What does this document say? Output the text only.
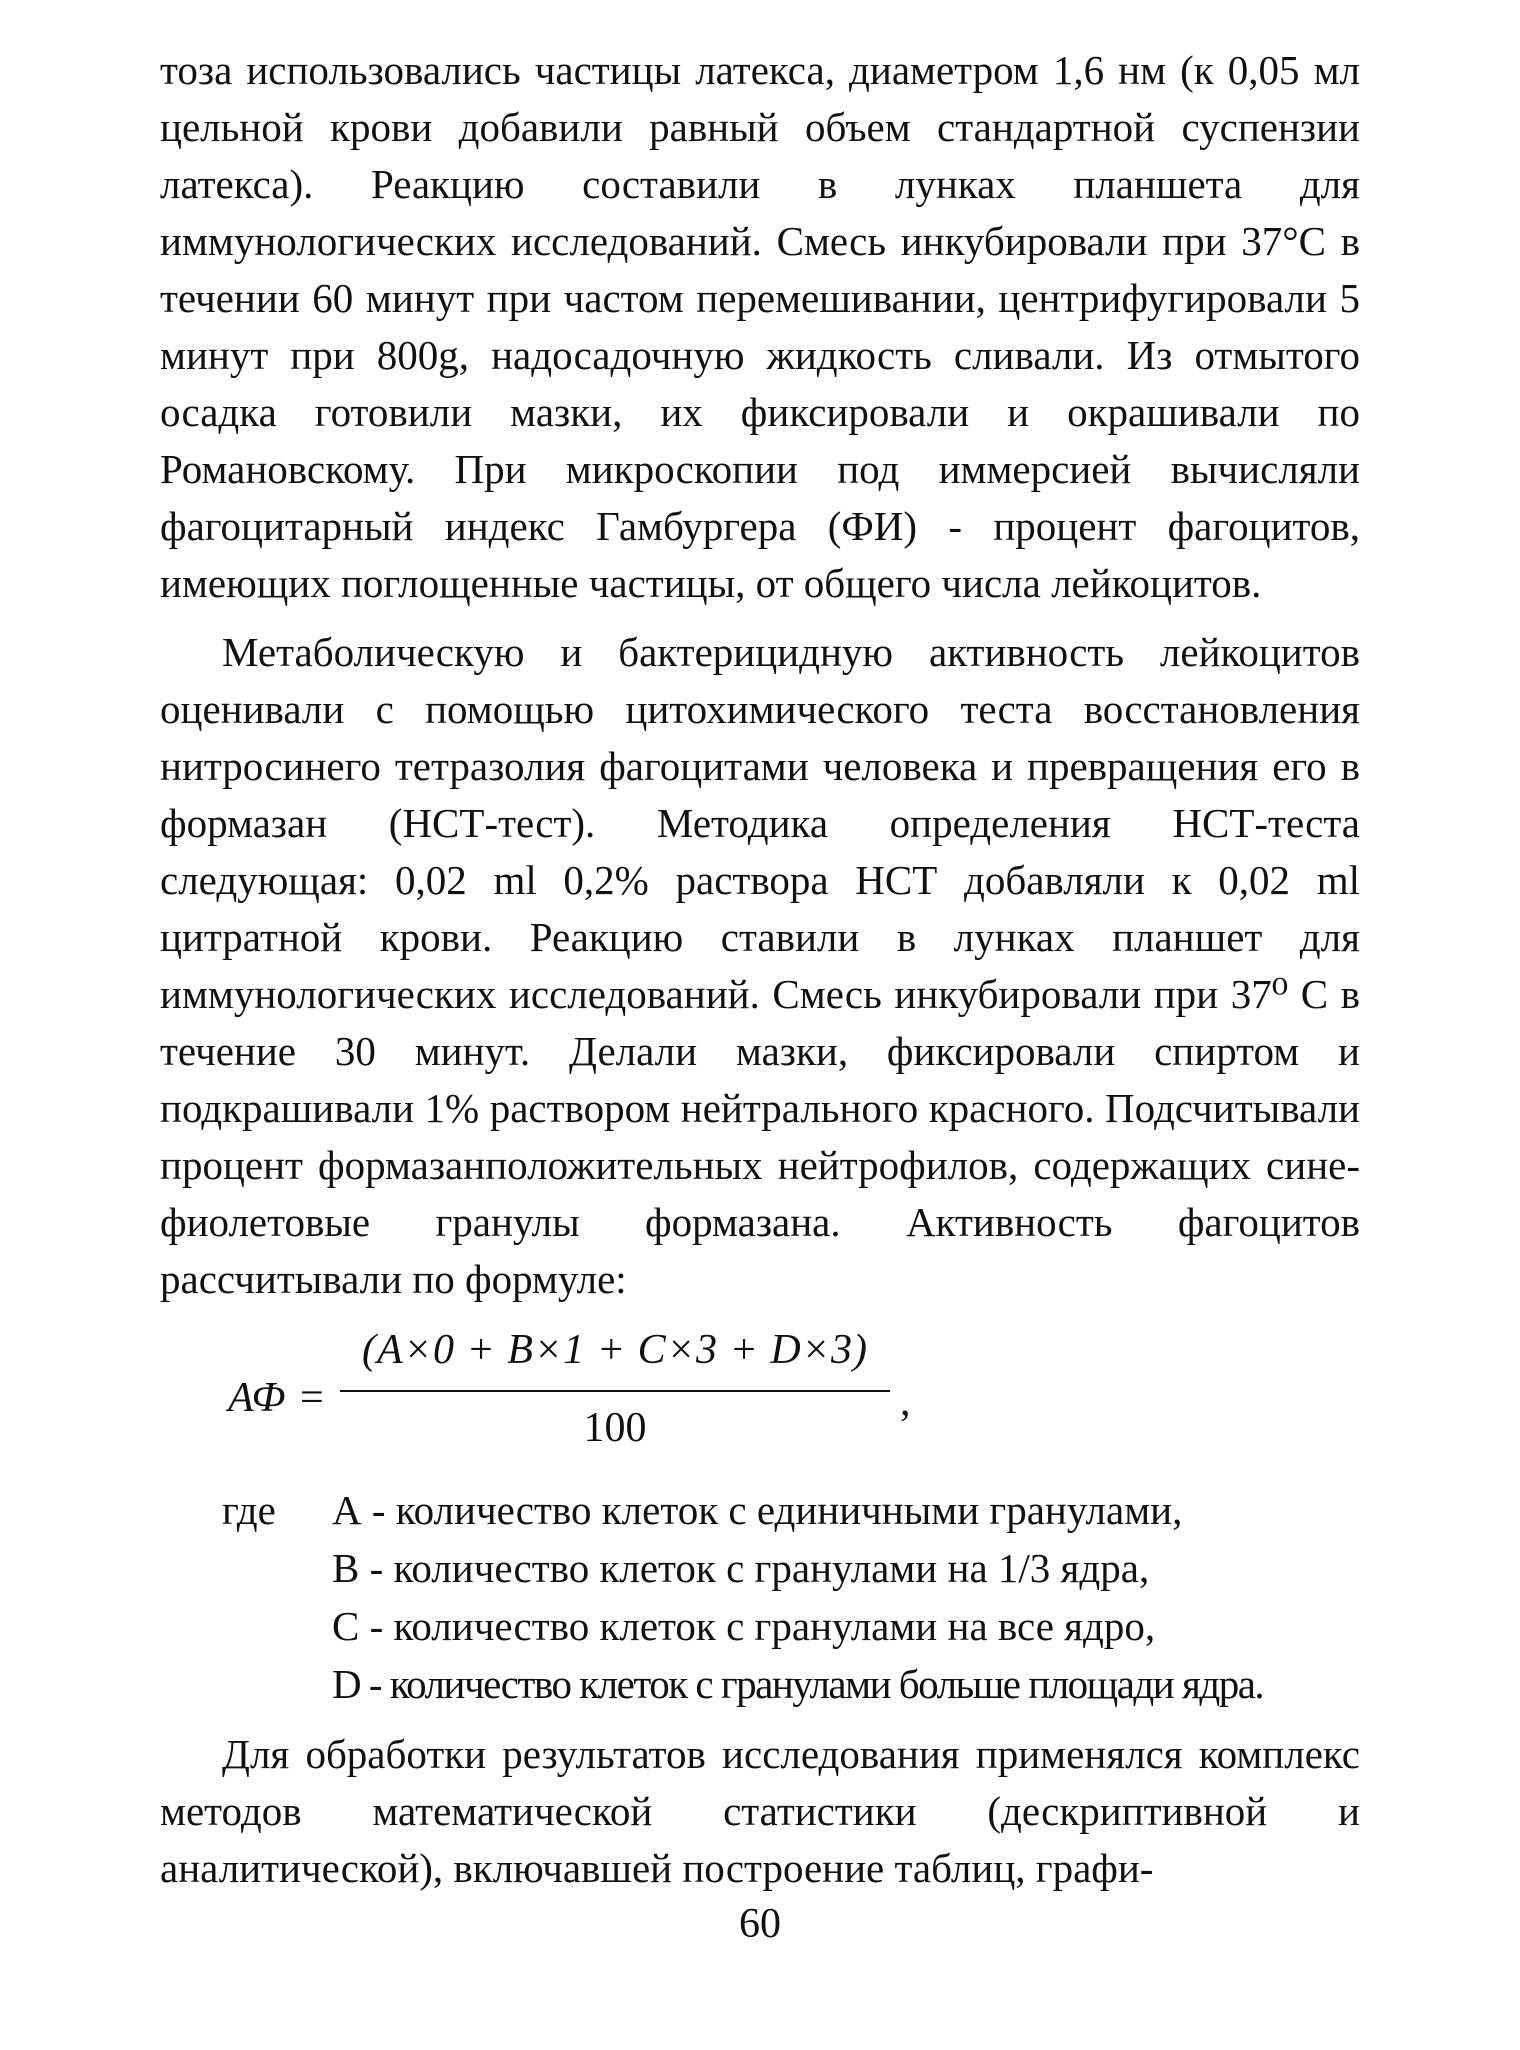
тоза использовались частицы латекса, диаметром 1,6 нм (к 0,05 мл цельной крови добавили равный объем стандартной суспензии латекса). Реакцию составили в лунках планшета для иммунологических исследований. Смесь инкубировали при 37°С в течении 60 минут при частом перемешивании, центрифугировали 5 минут при 800g, надосадочную жидкость сливали. Из отмытого осадка готовили мазки, их фиксировали и окрашивали по Романовскому. При микроскопии под иммерсией вычисляли фагоцитарный индекс Гамбургера (ФИ) - процент фагоцитов, имеющих поглощенные частицы, от общего числа лейкоцитов.

Метаболическую и бактерицидную активность лейкоцитов оценивали с помощью цитохимического теста восстановления нитросинего тетразолия фагоцитами человека и превращения его в формазан (НСТ-тест). Методика определения НСТ-теста следующая: 0,02 ml 0,2% раствора НСТ добавляли к 0,02 ml цитратной крови. Реакцию ставили в лунках планшет для иммунологических исследований. Смесь инкубировали при 37⁰ С в течение 30 минут. Делали мазки, фиксировали спиртом и подкрашивали 1% раствором нейтрального красного. Подсчитывали процент формазанположительных нейтрофилов, содержащих сине-фиолетовые гранулы формазана. Активность фагоцитов рассчитывали по формуле:

АФ =
(A×0 + B×1 + C×3 + D×3)
100
,
где	А - количество клеток с единичными гранулами,
В - количество клеток с гранулами на 1/3 ядра,
С - количество клеток с гранулами на все ядро,
D - количество клеток с гранулами больше площади ядра.

Для обработки результатов исследования применялся комплекс методов математической статистики (дескриптивной и аналитической), включавшей построение таблиц, графи-

60
